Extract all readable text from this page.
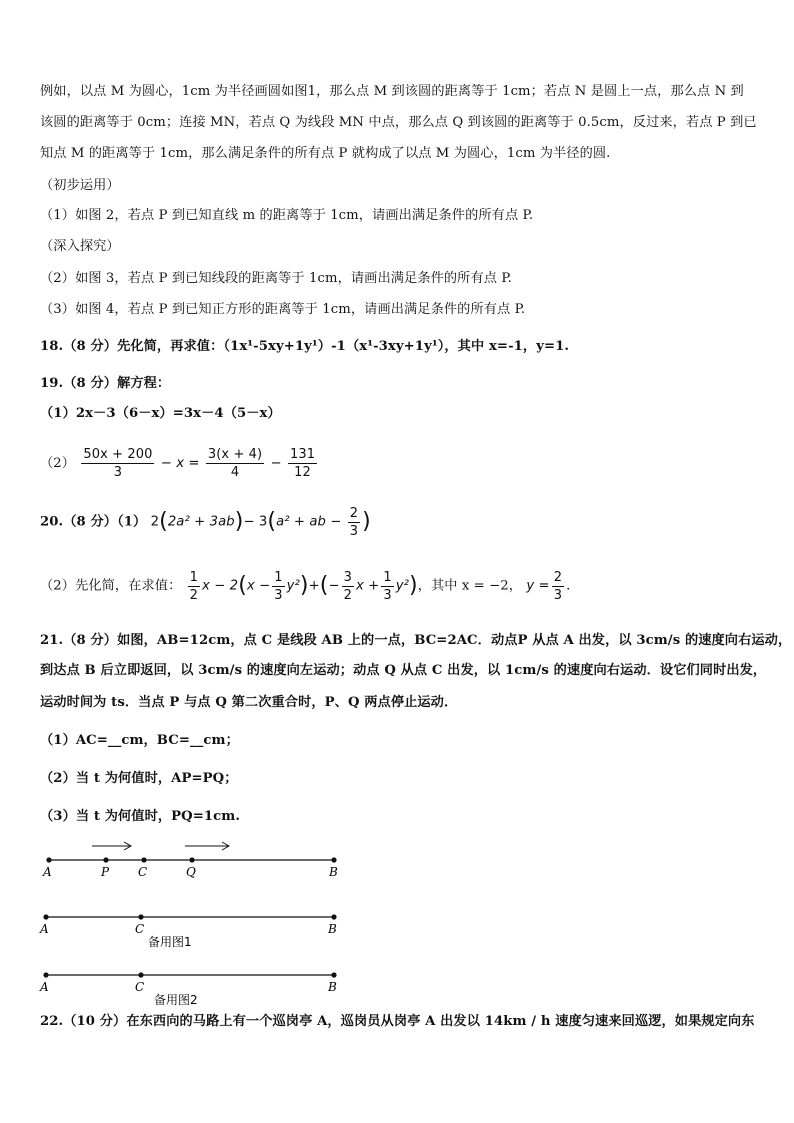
例如，以点 M 为圆心，1cm 为半径画圆如图1，那么点 M 到该圆的距离等于 1cm；若点 N 是圆上一点，那么点 N 到
该圆的距离等于 0cm；连接 MN，若点 Q 为线段 MN 中点，那么点 Q 到该圆的距离等于 0.5cm，反过来，若点 P 到已
知点 M 的距离等于 1cm，那么满足条件的所有点 P 就构成了以点 M 为圆心，1cm 为半径的圆.
（初步运用）
（1）如图 2，若点 P 到已知直线 m 的距离等于 1cm，请画出满足条件的所有点 P.
（深入探究）
（2）如图 3，若点 P 到已知线段的距离等于 1cm，请画出满足条件的所有点 P.
（3）如图 4，若点 P 到已知正方形的距离等于 1cm，请画出满足条件的所有点 P.
18.（8 分）先化简，再求值：（1x¹-5xy+1y¹）-1（x¹-3xy+1y¹），其中 x=-1，y=1.
19.（8 分）解方程：
（1）2x－3（6－x）=3x－4（5－x）
$(2) \frac{50x + 200}{3} - x = \frac{3(x + 4)}{4} - \frac{131}{12}$
20.（8 分）（1） 2(2a² + 3ab)− 3(a² + ab − $\frac{2}{3}$ )
（2）先化简，在求值： $\frac{1}{2}$ $x - 2(x - \frac{1}{3} y^2)+(- \frac{3}{2}$ $x + \frac{1}{3} y^2$)，其中 x = −2， $y = \frac{2}{3}$ .
21.（8 分）如图，AB=12cm，点 C 是线段 AB 上的一点，BC=2AC．动点P 从点 A 出发，以 3cm/s 的速度向右运动，
到达点 B 后立即返回，以 3cm/s 的速度向左运动；动点 Q 从点 C 出发，以 1cm/s 的速度向右运动．设它们同时出发，
运动时间为 ts．当点 P 与点 Q 第二次重合时，P、Q 两点停止运动．
（1）AC=__cm，BC=__cm；
（2）当 t 为何值时，AP=PQ；
（3）当 t 为何值时，PQ=1cm.
A	P C	Q	B
A	C	B
备用图1
A	C	B
备用图2
22.（10 分）在东西向的马路上有一个巡岗亭 A，巡岗员从岗亭 A 出发以 14km / h 速度匀速来回巡逻，如果规定向东
